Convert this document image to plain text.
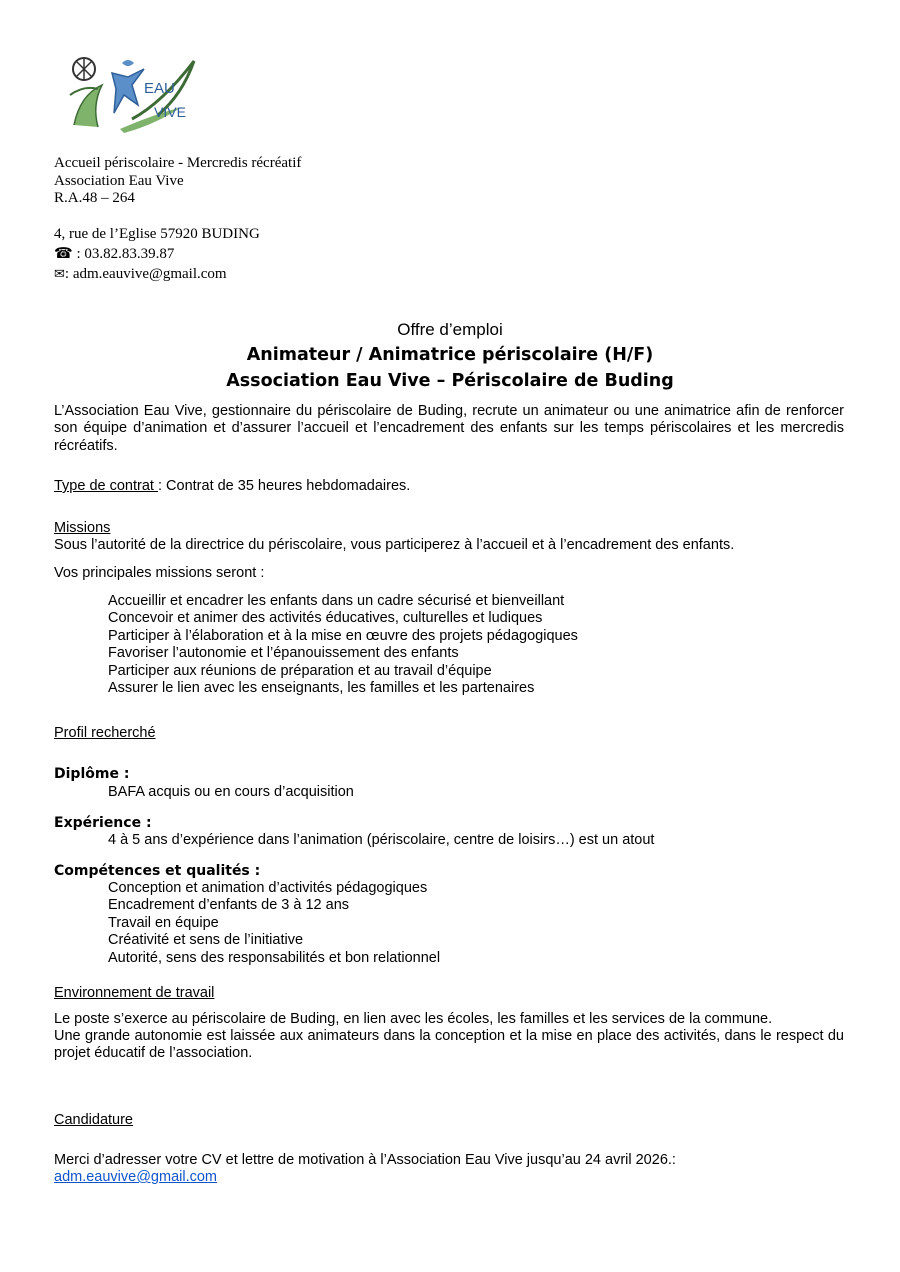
EAU
VIVE
Accueil périscolaire - Mercredis récréatif
Association Eau Vive
R.A.48 – 264
4, rue de l’Eglise 57920 BUDING
☎ : 03.82.83.39.87
✉: adm.eauvive@gmail.com
Offre d’emploi
Animateur / Animatrice périscolaire (H/F)
Association Eau Vive – Périscolaire de Buding
L’Association Eau Vive, gestionnaire du périscolaire de Buding, recrute un animateur ou une animatrice afin de renforcer son équipe d’animation et d’assurer l’accueil et l’encadrement des enfants sur les temps périscolaires et les mercredis récréatifs.
Type de contrat : Contrat de 35 heures hebdomadaires.
Missions
Sous l’autorité de la directrice du périscolaire, vous participerez à l’accueil et à l’encadrement des enfants.
Vos principales missions seront :
Accueillir et encadrer les enfants dans un cadre sécurisé et bienveillant
Concevoir et animer des activités éducatives, culturelles et ludiques
Participer à l’élaboration et à la mise en œuvre des projets pédagogiques
Favoriser l’autonomie et l’épanouissement des enfants
Participer aux réunions de préparation et au travail d’équipe
Assurer le lien avec les enseignants, les familles et les partenaires
Profil recherché
Diplôme :
BAFA acquis ou en cours d’acquisition
Expérience :
4 à 5 ans d’expérience dans l’animation (périscolaire, centre de loisirs…) est un atout
Compétences et qualités :
Conception et animation d’activités pédagogiques
Encadrement d’enfants de 3 à 12 ans
Travail en équipe
Créativité et sens de l’initiative
Autorité, sens des responsabilités et bon relationnel
Environnement de travail
Le poste s’exerce au périscolaire de Buding, en lien avec les écoles, les familles et les services de la commune.
Une grande autonomie est laissée aux animateurs dans la conception et la mise en place des activités, dans le respect du projet éducatif de l’association.
Candidature
Merci d’adresser votre CV et lettre de motivation à l’Association Eau Vive jusqu’au 24 avril 2026.:
adm.eauvive@gmail.com
